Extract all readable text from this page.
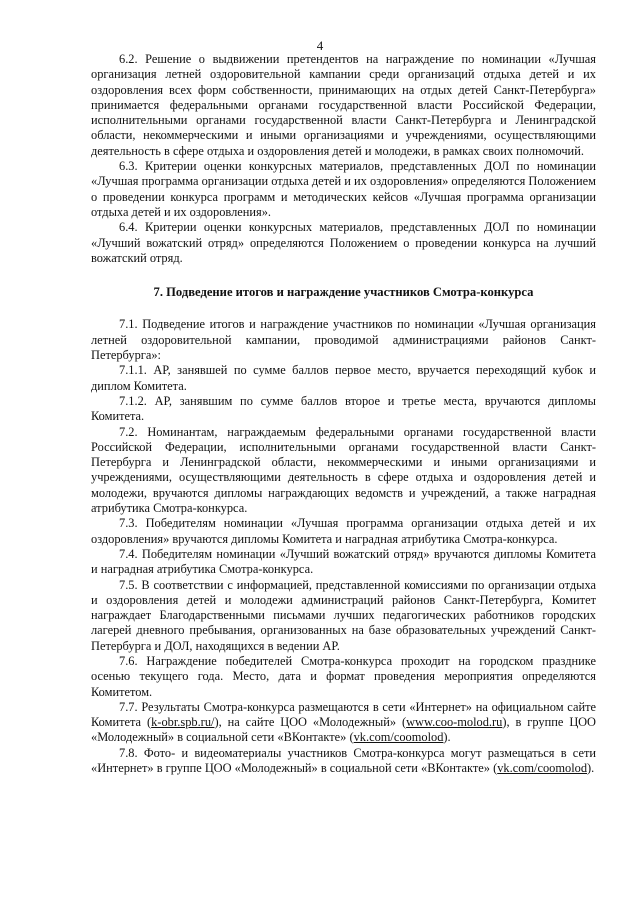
4

6.2. Решение о выдвижении претендентов на награждение по номинации «Лучшая организация летней оздоровительной кампании среди организаций отдыха детей и их оздоровления всех форм собственности, принимающих на отдых детей Санкт-Петербурга» принимается федеральными органами государственной власти Российской Федерации, исполнительными органами государственной власти Санкт-Петербурга и Ленинградской области, некоммерческими и иными организациями и учреждениями, осуществляющими деятельность в сфере отдыха и оздоровления детей и молодежи, в рамках своих полномочий.

6.3. Критерии оценки конкурсных материалов, представленных ДОЛ по номинации «Лучшая программа организации отдыха детей и их оздоровления» определяются Положением о проведении конкурса программ и методических кейсов «Лучшая программа организации отдыха детей и их оздоровления».

6.4. Критерии оценки конкурсных материалов, представленных ДОЛ по номинации «Лучший вожатский отряд» определяются Положением о проведении конкурса на лучший вожатский отряд.

7. Подведение итогов и награждение участников Смотра-конкурса

7.1. Подведение итогов и награждение участников по номинации «Лучшая организация летней оздоровительной кампании, проводимой администрациями районов Санкт-Петербурга»:

7.1.1. АР, занявшей по сумме баллов первое место, вручается переходящий кубок и диплом Комитета.

7.1.2. АР, занявшим по сумме баллов второе и третье места, вручаются дипломы Комитета.

7.2. Номинантам, награждаемым федеральными органами государственной власти Российской Федерации, исполнительными органами государственной власти Санкт-Петербурга и Ленинградской области, некоммерческими и иными организациями и учреждениями, осуществляющими деятельность в сфере отдыха и оздоровления детей и молодежи, вручаются дипломы награждающих ведомств и учреждений, а также наградная атрибутика Смотра-конкурса.

7.3. Победителям номинации «Лучшая программа организации отдыха детей и их оздоровления» вручаются дипломы Комитета и наградная атрибутика Смотра-конкурса.

7.4. Победителям номинации «Лучший вожатский отряд» вручаются дипломы Комитета и наградная атрибутика Смотра-конкурса.

7.5. В соответствии с информацией, представленной комиссиями по организации отдыха и оздоровления детей и молодежи администраций районов Санкт-Петербурга, Комитет награждает Благодарственными письмами лучших педагогических работников городских лагерей дневного пребывания, организованных на базе образовательных учреждений Санкт-Петербурга и ДОЛ, находящихся в ведении АР.

7.6. Награждение победителей Смотра-конкурса проходит на городском празднике осенью текущего года. Место, дата и формат проведения мероприятия определяются Комитетом.

7.7. Результаты Смотра-конкурса размещаются в сети «Интернет» на официальном сайте Комитета (k-obr.spb.ru/), на сайте ЦОО «Молодежный» (www.coo-molod.ru), в группе ЦОО «Молодежный» в социальной сети «ВКонтакте» (vk.com/coomolod).

7.8. Фото- и видеоматериалы участников Смотра-конкурса могут размещаться в сети «Интернет» в группе ЦОО «Молодежный» в социальной сети «ВКонтакте» (vk.com/coomolod).
